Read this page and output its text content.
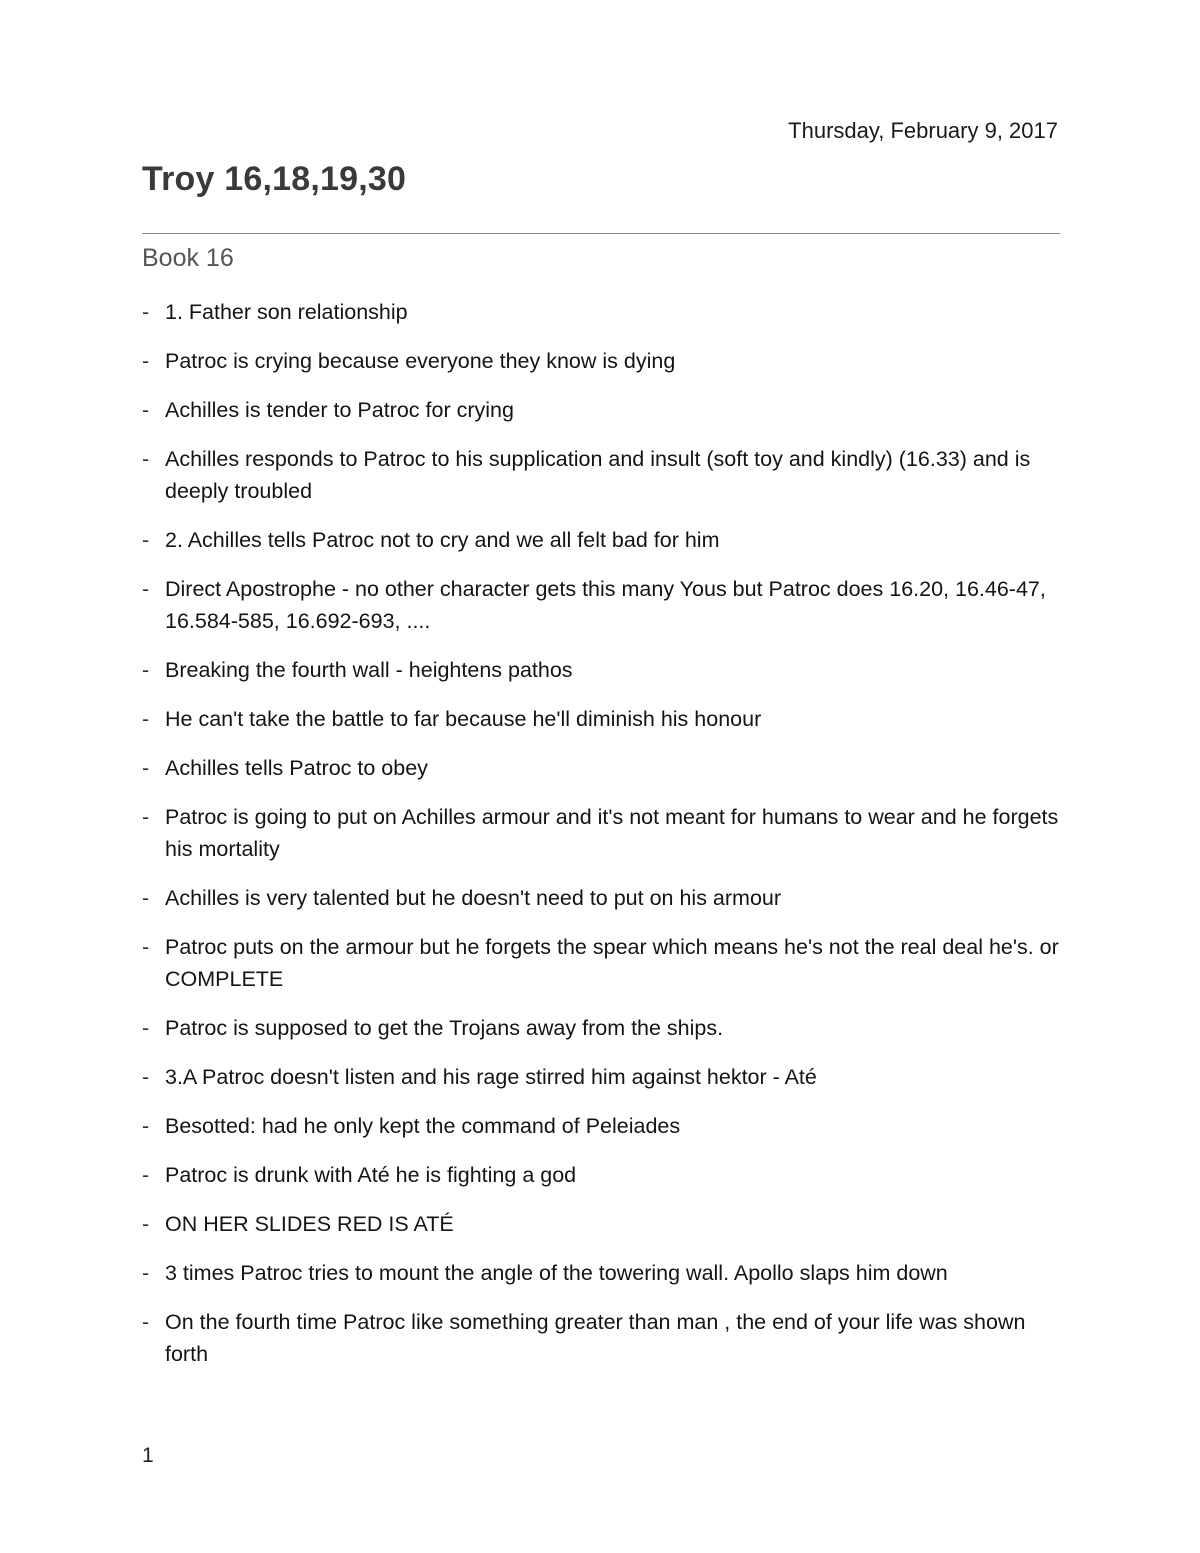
Thursday, February 9, 2017
Troy 16,18,19,30
Book 16
- 1. Father son relationship
- Patroc is crying because everyone they know is dying
- Achilles is tender to Patroc for crying
- Achilles responds to Patroc to his supplication and insult (soft toy and kindly) (16.33) and is deeply troubled
- 2. Achilles tells Patroc not to cry and we all felt bad for him
- Direct Apostrophe - no other character gets this many Yous but Patroc does 16.20, 16.46-47, 16.584-585, 16.692-693, ....
- Breaking the fourth wall - heightens pathos
- He can't take the battle to far because he'll diminish his honour
- Achilles tells Patroc to obey
- Patroc is going to put on Achilles armour and it's not meant for humans to wear and he forgets his mortality
- Achilles is very talented but he doesn't need to put on his armour
- Patroc puts on the armour but he forgets the spear which means he's not the real deal he's. or COMPLETE
- Patroc is supposed to get the Trojans away from the ships.
- 3.A Patroc doesn't listen and his rage stirred him against hektor - Até
- Besotted: had he only kept the command of Peleiades
- Patroc is drunk with Até he is fighting a god
- ON HER SLIDES RED IS ATÉ
- 3 times Patroc tries to mount the angle of the towering wall. Apollo slaps him down
- On the fourth time Patroc like something greater than man , the end of your life was shown forth
1
